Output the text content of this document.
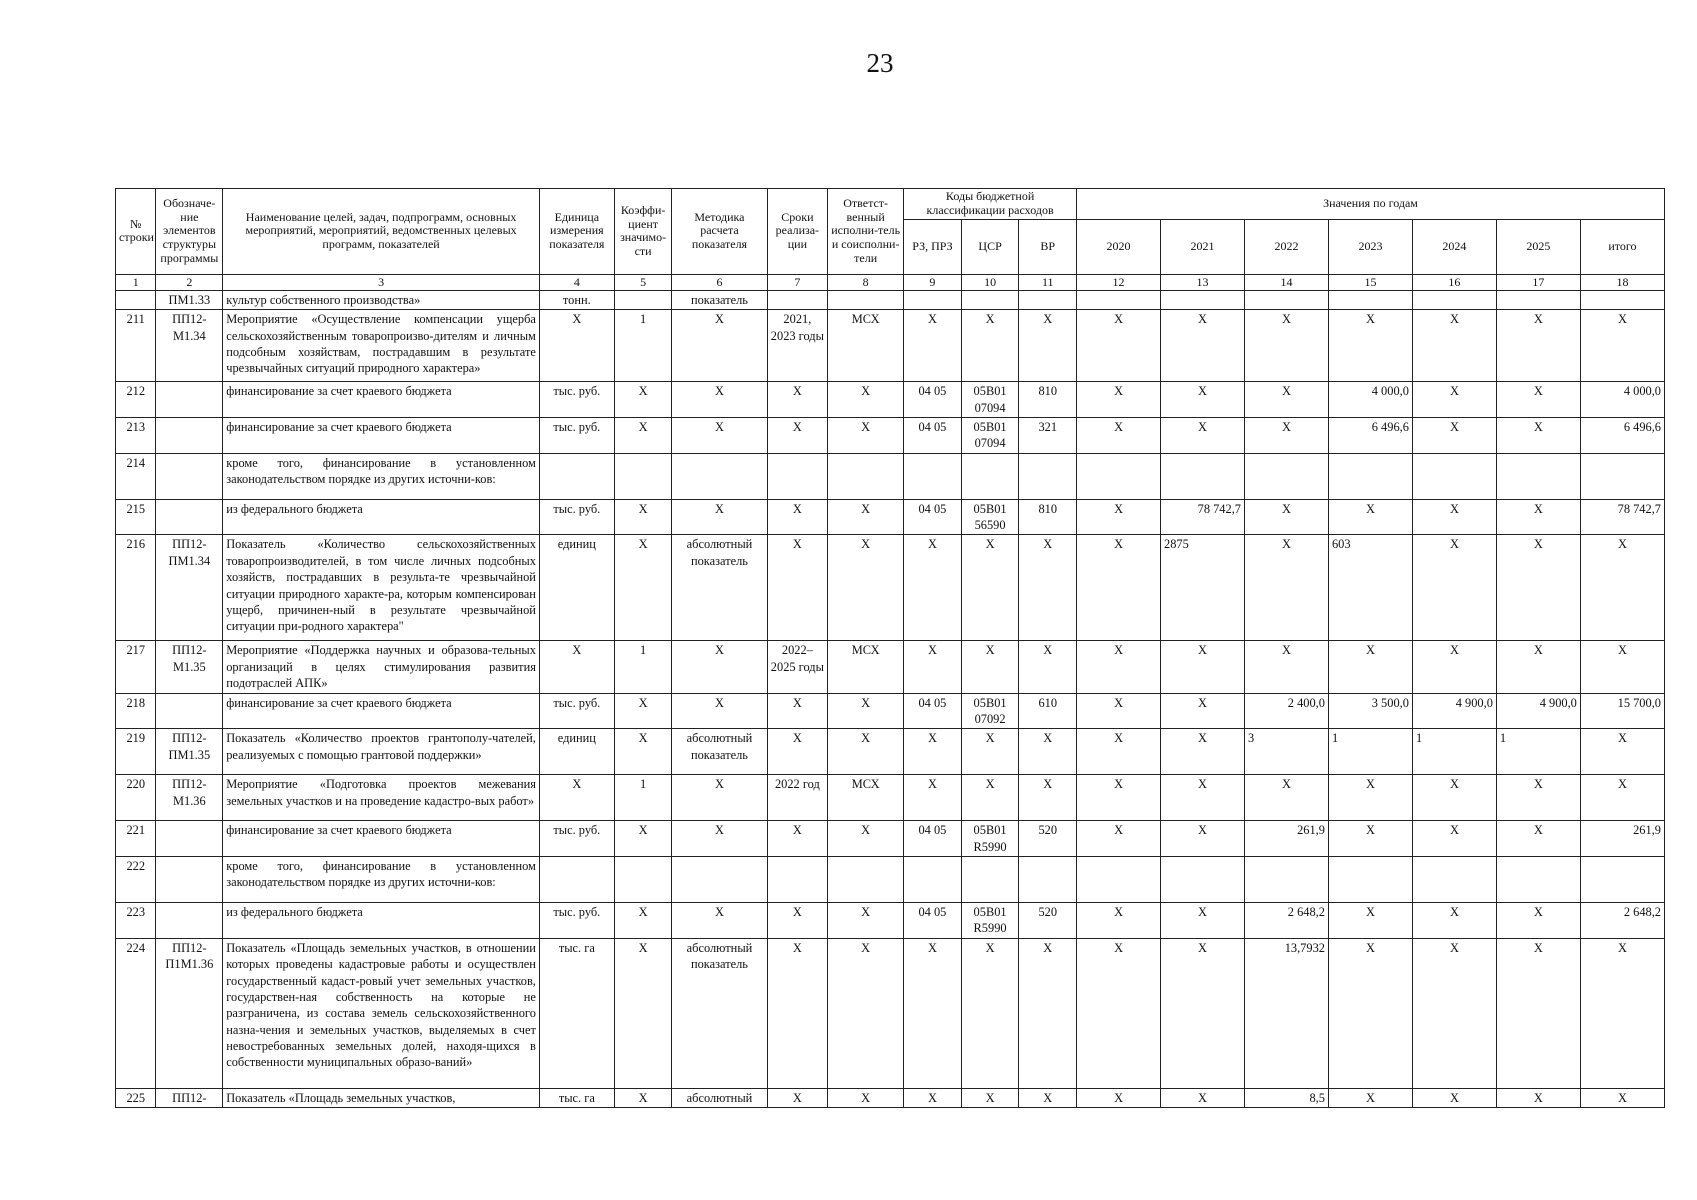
23
№ строки	Обозначе-ние элементов структуры программы	Наименование целей, задач, подпрограмм, основных мероприятий, мероприятий, ведомственных целевых программ, показателей	Единица измерения показателя	Коэффи-циент значимо-сти	Методика расчета показателя	Сроки реализа-ции	Ответст-венный исполни-тель и соисполни-тели	Коды бюджетной классификации расходов			Значения по годам						
								РЗ, ПРЗ	ЦСР	ВР	2020	2021	2022	2023	2024	2025	итого
1	2	3	4	5	6	7	8	9	10	11	12	13	14	15	16	17	18
	ПМ1.33	культур собственного производства»	тонн.		показатель												
211	ПП12-М1.34	Мероприятие «Осуществление компенсации ущерба сельскохозяйственным товаропроизво-дителям и личным подсобным хозяйствам, пострадавшим в результате чрезвычайных ситуаций природного характера»	Х	1	Х	2021, 2023 годы	МСХ	Х	Х	Х	Х	Х	Х	Х	Х	Х	Х
212		финансирование за счет краевого бюджета	тыс. руб.	Х	Х	Х	Х	04 05	05В01 07094	810	Х	Х	Х	4 000,0	Х	Х	4 000,0
213		финансирование за счет краевого бюджета	тыс. руб.	Х	Х	Х	Х	04 05	05В01 07094	321	Х	Х	Х	6 496,6	Х	Х	6 496,6
214		кроме того, финансирование в установленном законодательством порядке из других источни-ков:															
215		из федерального бюджета	тыс. руб.	Х	Х	Х	Х	04 05	05В01 56590	810	Х	78 742,7	Х	Х	Х	Х	78 742,7
216	ПП12-ПМ1.34	Показатель «Количество сельскохозяйственных товаропроизводителей, в том числе личных подсобных хозяйств, пострадавших в результа-те чрезвычайной ситуации природного характе-ра, которым компенсирован ущерб, причинен-ный в результате чрезвычайной ситуации при-родного характера"	единиц	Х	абсолютный показатель	Х	Х	Х	Х	Х	Х	2875	Х	603	Х	Х	Х
217	ПП12-М1.35	Мероприятие «Поддержка научных и образова-тельных организаций в целях стимулирования развития подотраслей АПК»	Х	1	Х	2022–2025 годы	МСХ	Х	Х	Х	Х	Х	Х	Х	Х	Х	Х
218		финансирование за счет краевого бюджета	тыс. руб.	Х	Х	Х	Х	04 05	05В01 07092	610	Х	Х	2 400,0	3 500,0	4 900,0	4 900,0	15 700,0
219	ПП12-ПМ1.35	Показатель «Количество проектов грантополу-чателей, реализуемых с помощью грантовой поддержки»	единиц	Х	абсолютный показатель	Х	Х	Х	Х	Х	Х	Х	3	1	1	1	Х
220	ПП12-М1.36	Мероприятие «Подготовка проектов межевания земельных участков и на проведение кадастро-вых работ»	Х	1	Х	2022 год	МСХ	Х	Х	Х	Х	Х	Х	Х	Х	Х	Х
221		финансирование за счет краевого бюджета	тыс. руб.	Х	Х	Х	Х	04 05	05В01 R5990	520	Х	Х	261,9	Х	Х	Х	261,9
222		кроме того, финансирование в установленном законодательством порядке из других источни-ков:															
223		из федерального бюджета	тыс. руб.	Х	Х	Х	Х	04 05	05В01 R5990	520	Х	Х	2 648,2	Х	Х	Х	2 648,2
224	ПП12-П1М1.36	Показатель «Площадь земельных участков, в отношении которых проведены кадастровые работы и осуществлен государственный кадаст-ровый учет земельных участков, государствен-ная собственность на которые не разграничена, из состава земель сельскохозяйственного назна-чения и земельных участков, выделяемых в счет невостребованных земельных долей, находя-щихся в собственности муниципальных образо-ваний»	тыс. га	Х	абсолютный показатель	Х	Х	Х	Х	Х	Х	Х	13,7932	Х	Х	Х	Х
225	ПП12-	Показатель «Площадь земельных участков,	тыс. га	Х	абсолютный	Х	Х	Х	Х	Х	Х	Х	8,5	Х	Х	Х	Х
